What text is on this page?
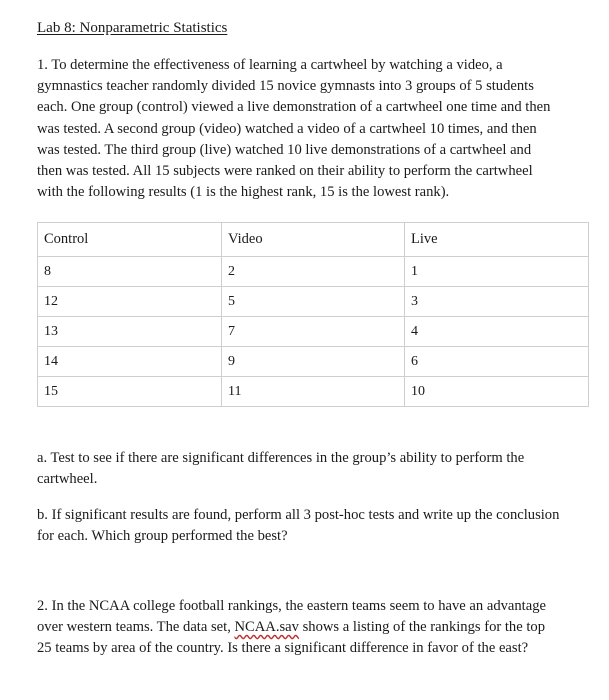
Lab 8: Nonparametric Statistics
1. To determine the effectiveness of learning a cartwheel by watching a video, a
gymnastics teacher randomly divided 15 novice gymnasts into 3 groups of 5 students
each. One group (control) viewed a live demonstration of a cartwheel one time and then
was tested. A second group (video) watched a video of a cartwheel 10 times, and then
was tested. The third group (live) watched 10 live demonstrations of a cartwheel and
then was tested. All 15 subjects were ranked on their ability to perform the cartwheel
with the following results (1 is the highest rank, 15 is the lowest rank).
Control	Video	Live
8	2	1
12	5	3
13	7	4
14	9	6
15	11	10
a. Test to see if there are significant differences in the group’s ability to perform the
cartwheel.
b. If significant results are found, perform all 3 post-hoc tests and write up the conclusion
for each. Which group performed the best?
2. In the NCAA college football rankings, the eastern teams seem to have an advantage
over western teams. The data set, NCAA.sav shows a listing of the rankings for the top
25 teams by area of the country. Is there a significant difference in favor of the east?
